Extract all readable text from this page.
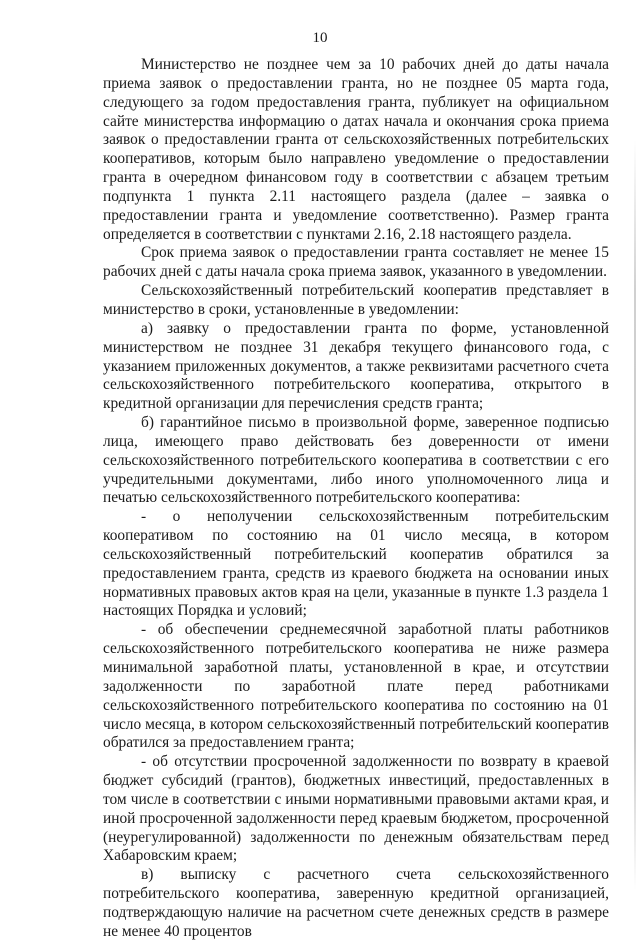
10

Министерство не позднее чем за 10 рабочих дней до даты начала приема заявок о предоставлении гранта, но не позднее 05 марта года, следующего за годом предоставления гранта, публикует на официальном сайте министерства информацию о датах начала и окончания срока приема заявок о предоставлении гранта от сельскохозяйственных потребительских кооперативов, которым было направлено уведомление о предоставлении гранта в очередном финансовом году в соответствии с абзацем третьим подпункта 1 пункта 2.11 настоящего раздела (далее – заявка о предоставлении гранта и уведомление соответственно). Размер гранта определяется в соответствии с пунктами 2.16, 2.18 настоящего раздела.

Срок приема заявок о предоставлении гранта составляет не менее 15 рабочих дней с даты начала срока приема заявок, указанного в уведомлении.

Сельскохозяйственный потребительский кооператив представляет в министерство в сроки, установленные в уведомлении:

а) заявку о предоставлении гранта по форме, установленной министерством не позднее 31 декабря текущего финансового года, с указанием приложенных документов, а также реквизитами расчетного счета сельскохозяйственного потребительского кооператива, открытого в кредитной организации для перечисления средств гранта;

б) гарантийное письмо в произвольной форме, заверенное подписью лица, имеющего право действовать без доверенности от имени сельскохозяйственного потребительского кооператива в соответствии с его учредительными документами, либо иного уполномоченного лица и печатью сельскохозяйственного потребительского кооператива:

- о неполучении сельскохозяйственным потребительским кооперативом по состоянию на 01 число месяца, в котором сельскохозяйственный потребительский кооператив обратился за предоставлением гранта, средств из краевого бюджета на основании иных нормативных правовых актов края на цели, указанные в пункте 1.3 раздела 1 настоящих Порядка и условий;

- об обеспечении среднемесячной заработной платы работников сельскохозяйственного потребительского кооператива не ниже размера минимальной заработной платы, установленной в крае, и отсутствии задолженности по заработной плате перед работниками сельскохозяйственного потребительского кооператива по состоянию на 01 число месяца, в котором сельскохозяйственный потребительский кооператив обратился за предоставлением гранта;

- об отсутствии просроченной задолженности по возврату в краевой бюджет субсидий (грантов), бюджетных инвестиций, предоставленных в том числе в соответствии с иными нормативными правовыми актами края, и иной просроченной задолженности перед краевым бюджетом, просроченной (неурегулированной) задолженности по денежным обязательствам перед Хабаровским краем;

в) выписку с расчетного счета сельскохозяйственного потребительского кооператива, заверенную кредитной организацией, подтверждающую наличие на расчетном счете денежных средств в размере не менее 40 процентов
